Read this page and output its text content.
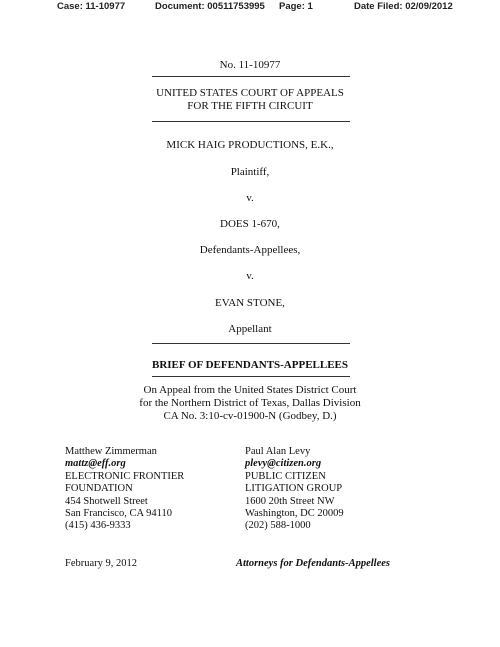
Case: 11-10977	Document: 00511753995 Page: 1	Date Filed: 02/09/2012
No. 11-10977
UNITED STATES COURT OF APPEALS
FOR THE FIFTH CIRCUIT
MICK HAIG PRODUCTIONS, E.K.,
Plaintiff,
v.
DOES 1-670,
Defendants-Appellees,
v.
EVAN STONE,
Appellant
BRIEF OF DEFENDANTS-APPELLEES
On Appeal from the United States District Court
for the Northern District of Texas, Dallas Division
CA No. 3:10-cv-01900-N (Godbey, D.)
Matthew Zimmerman
mattz@eff.org
ELECTRONIC FRONTIER
FOUNDATION
454 Shotwell Street
San Francisco, CA 94110
(415) 436-9333
Paul Alan Levy
plevy@citizen.org
PUBLIC CITIZEN
LITIGATION GROUP
1600 20th Street NW
Washington, DC 20009
(202) 588-1000
February 9, 2012	Attorneys for Defendants-Appellees
